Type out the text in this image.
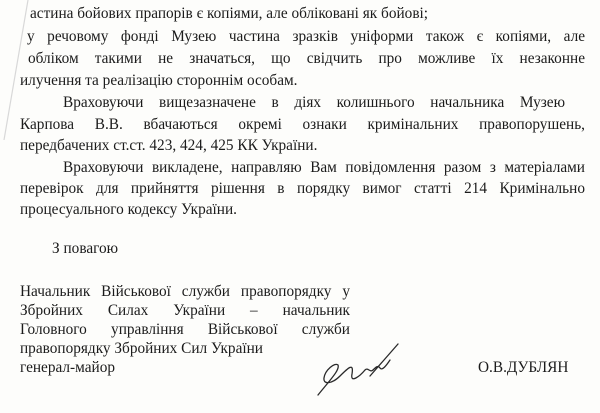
астина бойових прапорів є копіями, але обліковані як бойові;
у речовому фонді Музею частина зразків уніформи також є копіями, але
обліком такими не значаться, що свідчить про можливе їх незаконне
илучення та реалізацію стороннім особам.
Враховуючи вищезазначене в діях колишнього начальника Музею
Карпова В.В. вбачаються окремі ознаки кримінальних правопорушень,
передбачених ст.ст. 423, 424, 425 КК України.
Враховуючи викладене, направляю Вам повідомлення разом з матеріалами
перевірок для прийняття рішення в порядку вимог статті 214 Кримінально
процесуального кодексу України.
З повагою
Начальник Військової служби правопорядку у
Збройних Силах України – начальник
Головного управління Військової служби
правопорядку Збройних Сил України
генерал-майор	О.В.ДУБЛЯН
